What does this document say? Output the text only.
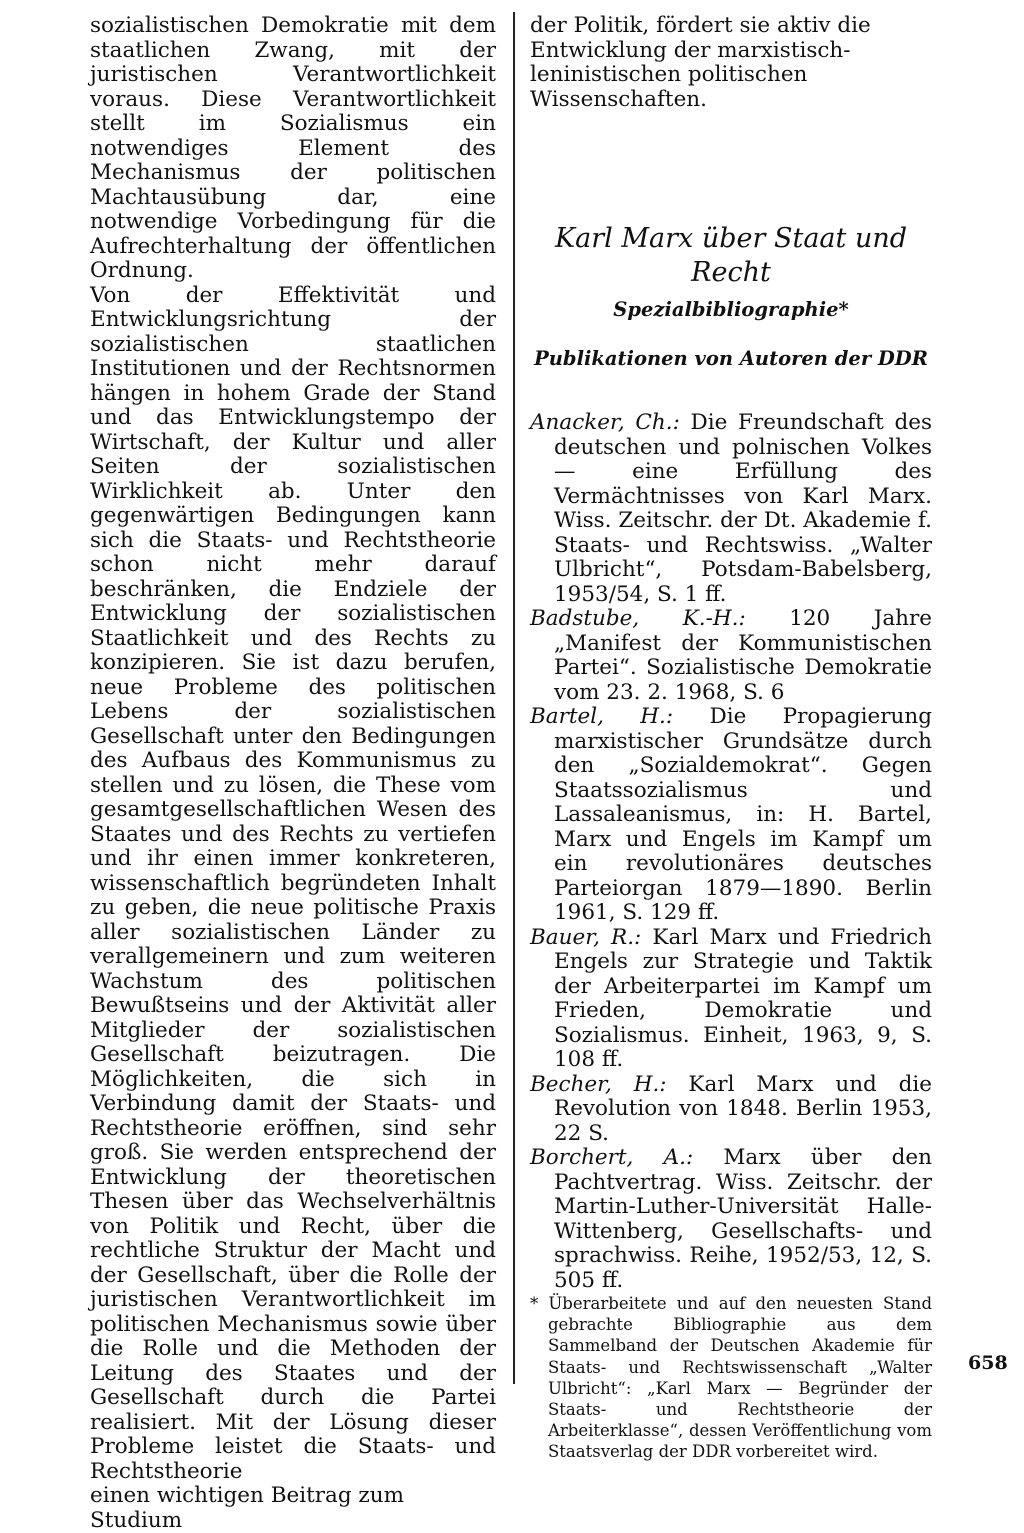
sozialistischen Demokratie mit dem staatlichen Zwang, mit der juristischen Verantwortlichkeit voraus. Diese Verantwortlichkeit stellt im Sozialismus ein notwendiges Element des Mechanismus der politischen Machtausübung dar, eine notwendige Vorbedingung für die Aufrechterhaltung der öffentlichen Ordnung.

Von der Effektivität und Entwicklungsrichtung der sozialistischen staatlichen Institutionen und der Rechtsnormen hängen in hohem Grade der Stand und das Entwicklungstempo der Wirtschaft, der Kultur und aller Seiten der sozialistischen Wirklichkeit ab. Unter den gegenwärtigen Bedingungen kann sich die Staats- und Rechtstheorie schon nicht mehr darauf beschränken, die Endziele der Entwicklung der sozialistischen Staatlichkeit und des Rechts zu konzipieren. Sie ist dazu berufen, neue Probleme des politischen Lebens der sozialistischen Gesellschaft unter den Bedingungen des Aufbaus des Kommunismus zu stellen und zu lösen, die These vom gesamtgesellschaftlichen Wesen des Staates und des Rechts zu vertiefen und ihr einen immer konkreteren, wissenschaftlich begründeten Inhalt zu geben, die neue politische Praxis aller sozialistischen Länder zu verallgemeinern und zum weiteren Wachstum des politischen Bewußtseins und der Aktivität aller Mitglieder der sozialistischen Gesellschaft beizutragen. Die Möglichkeiten, die sich in Verbindung damit der Staats- und Rechtstheorie eröffnen, sind sehr groß. Sie werden entsprechend der Entwicklung der theoretischen Thesen über das Wechselverhältnis von Politik und Recht, über die rechtliche Struktur der Macht und der Gesellschaft, über die Rolle der juristischen Verantwortlichkeit im politischen Mechanismus sowie über die Rolle und die Methoden der Leitung des Staates und der Gesellschaft durch die Partei realisiert. Mit der Lösung dieser Probleme leistet die Staats- und Rechtstheorie

einen wichtigen Beitrag zum Studium

der Politik, fördert sie aktiv die Entwicklung der marxistisch-leninistischen politischen Wissenschaften.

Karl Marx über Staat und Recht

Spezialbibliographie*

Publikationen von Autoren der DDR

Anacker, Ch.: Die Freundschaft des deutschen und polnischen Volkes — eine Erfüllung des Vermächtnisses von Karl Marx. Wiss. Zeitschr. der Dt. Akademie f. Staats- und Rechtswiss. „Walter Ulbricht“, Potsdam-Babelsberg, 1953/54, S. 1 ff.

Badstube, K.-H.: 120 Jahre „Manifest der Kommunistischen Partei“. Sozialistische Demokratie vom 23. 2. 1968, S. 6

Bartel, H.: Die Propagierung marxistischer Grundsätze durch den „Sozialdemokrat“. Gegen Staatssozialismus und Lassaleanismus, in: H. Bartel, Marx und Engels im Kampf um ein revolutionäres deutsches Parteiorgan 1879—1890. Berlin 1961, S. 129 ff.

Bauer, R.: Karl Marx und Friedrich Engels zur Strategie und Taktik der Arbeiterpartei im Kampf um Frieden, Demokratie und Sozialismus. Einheit, 1963, 9, S. 108 ff.

Becher, H.: Karl Marx und die Revolution von 1848. Berlin 1953, 22 S.

Borchert, A.: Marx über den Pachtvertrag. Wiss. Zeitschr. der Martin-Luther-Universität Halle-Wittenberg, Gesellschafts- und sprachwiss. Reihe, 1952/53, 12, S. 505 ff.

* Überarbeitete und auf den neuesten Stand gebrachte Bibliographie aus dem Sammelband der Deutschen Akademie für Staats- und Rechtswissenschaft „Walter Ulbricht“: „Karl Marx — Begründer der Staats- und Rechtstheorie der Arbeiterklasse“, dessen Veröffentlichung vom Staatsverlag der DDR vorbereitet wird.

658
